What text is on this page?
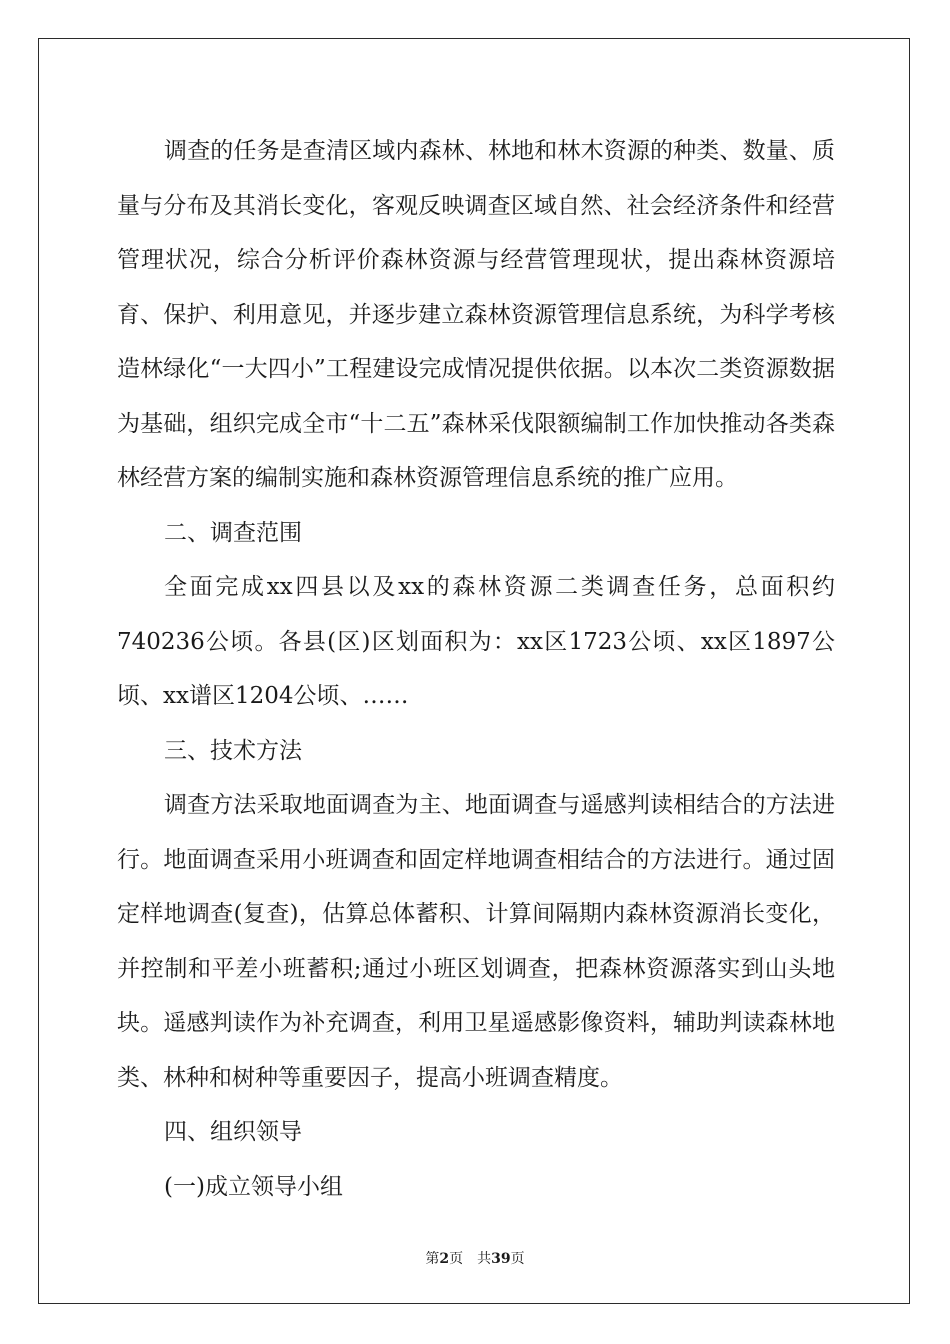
调查的任务是查清区域内森林、林地和林木资源的种类、数量、质量与分布及其消长变化，客观反映调查区域自然、社会经济条件和经营管理状况，综合分析评价森林资源与经营管理现状，提出森林资源培育、保护、利用意见，并逐步建立森林资源管理信息系统，为科学考核造林绿化“一大四小”工程建设完成情况提供依据。以本次二类资源数据为基础，组织完成全市“十二五”森林采伐限额编制工作加快推动各类森林经营方案的编制实施和森林资源管理信息系统的推广应用。

二、调查范围

全面完成xx四县以及xx的森林资源二类调查任务，总面积约740236公顷。各县(区)区划面积为：xx区1723公顷、xx区1897公顷、xx谱区1204公顷、……

三、技术方法

调查方法采取地面调查为主、地面调查与遥感判读相结合的方法进行。地面调查采用小班调查和固定样地调查相结合的方法进行。通过固定样地调查(复查)，估算总体蓄积、计算间隔期内森林资源消长变化，并控制和平差小班蓄积;通过小班区划调查，把森林资源落实到山头地块。遥感判读作为补充调查，利用卫星遥感影像资料，辅助判读森林地类、林种和树种等重要因子，提高小班调查精度。

四、组织领导

(一)成立领导小组

第2页 共39页
